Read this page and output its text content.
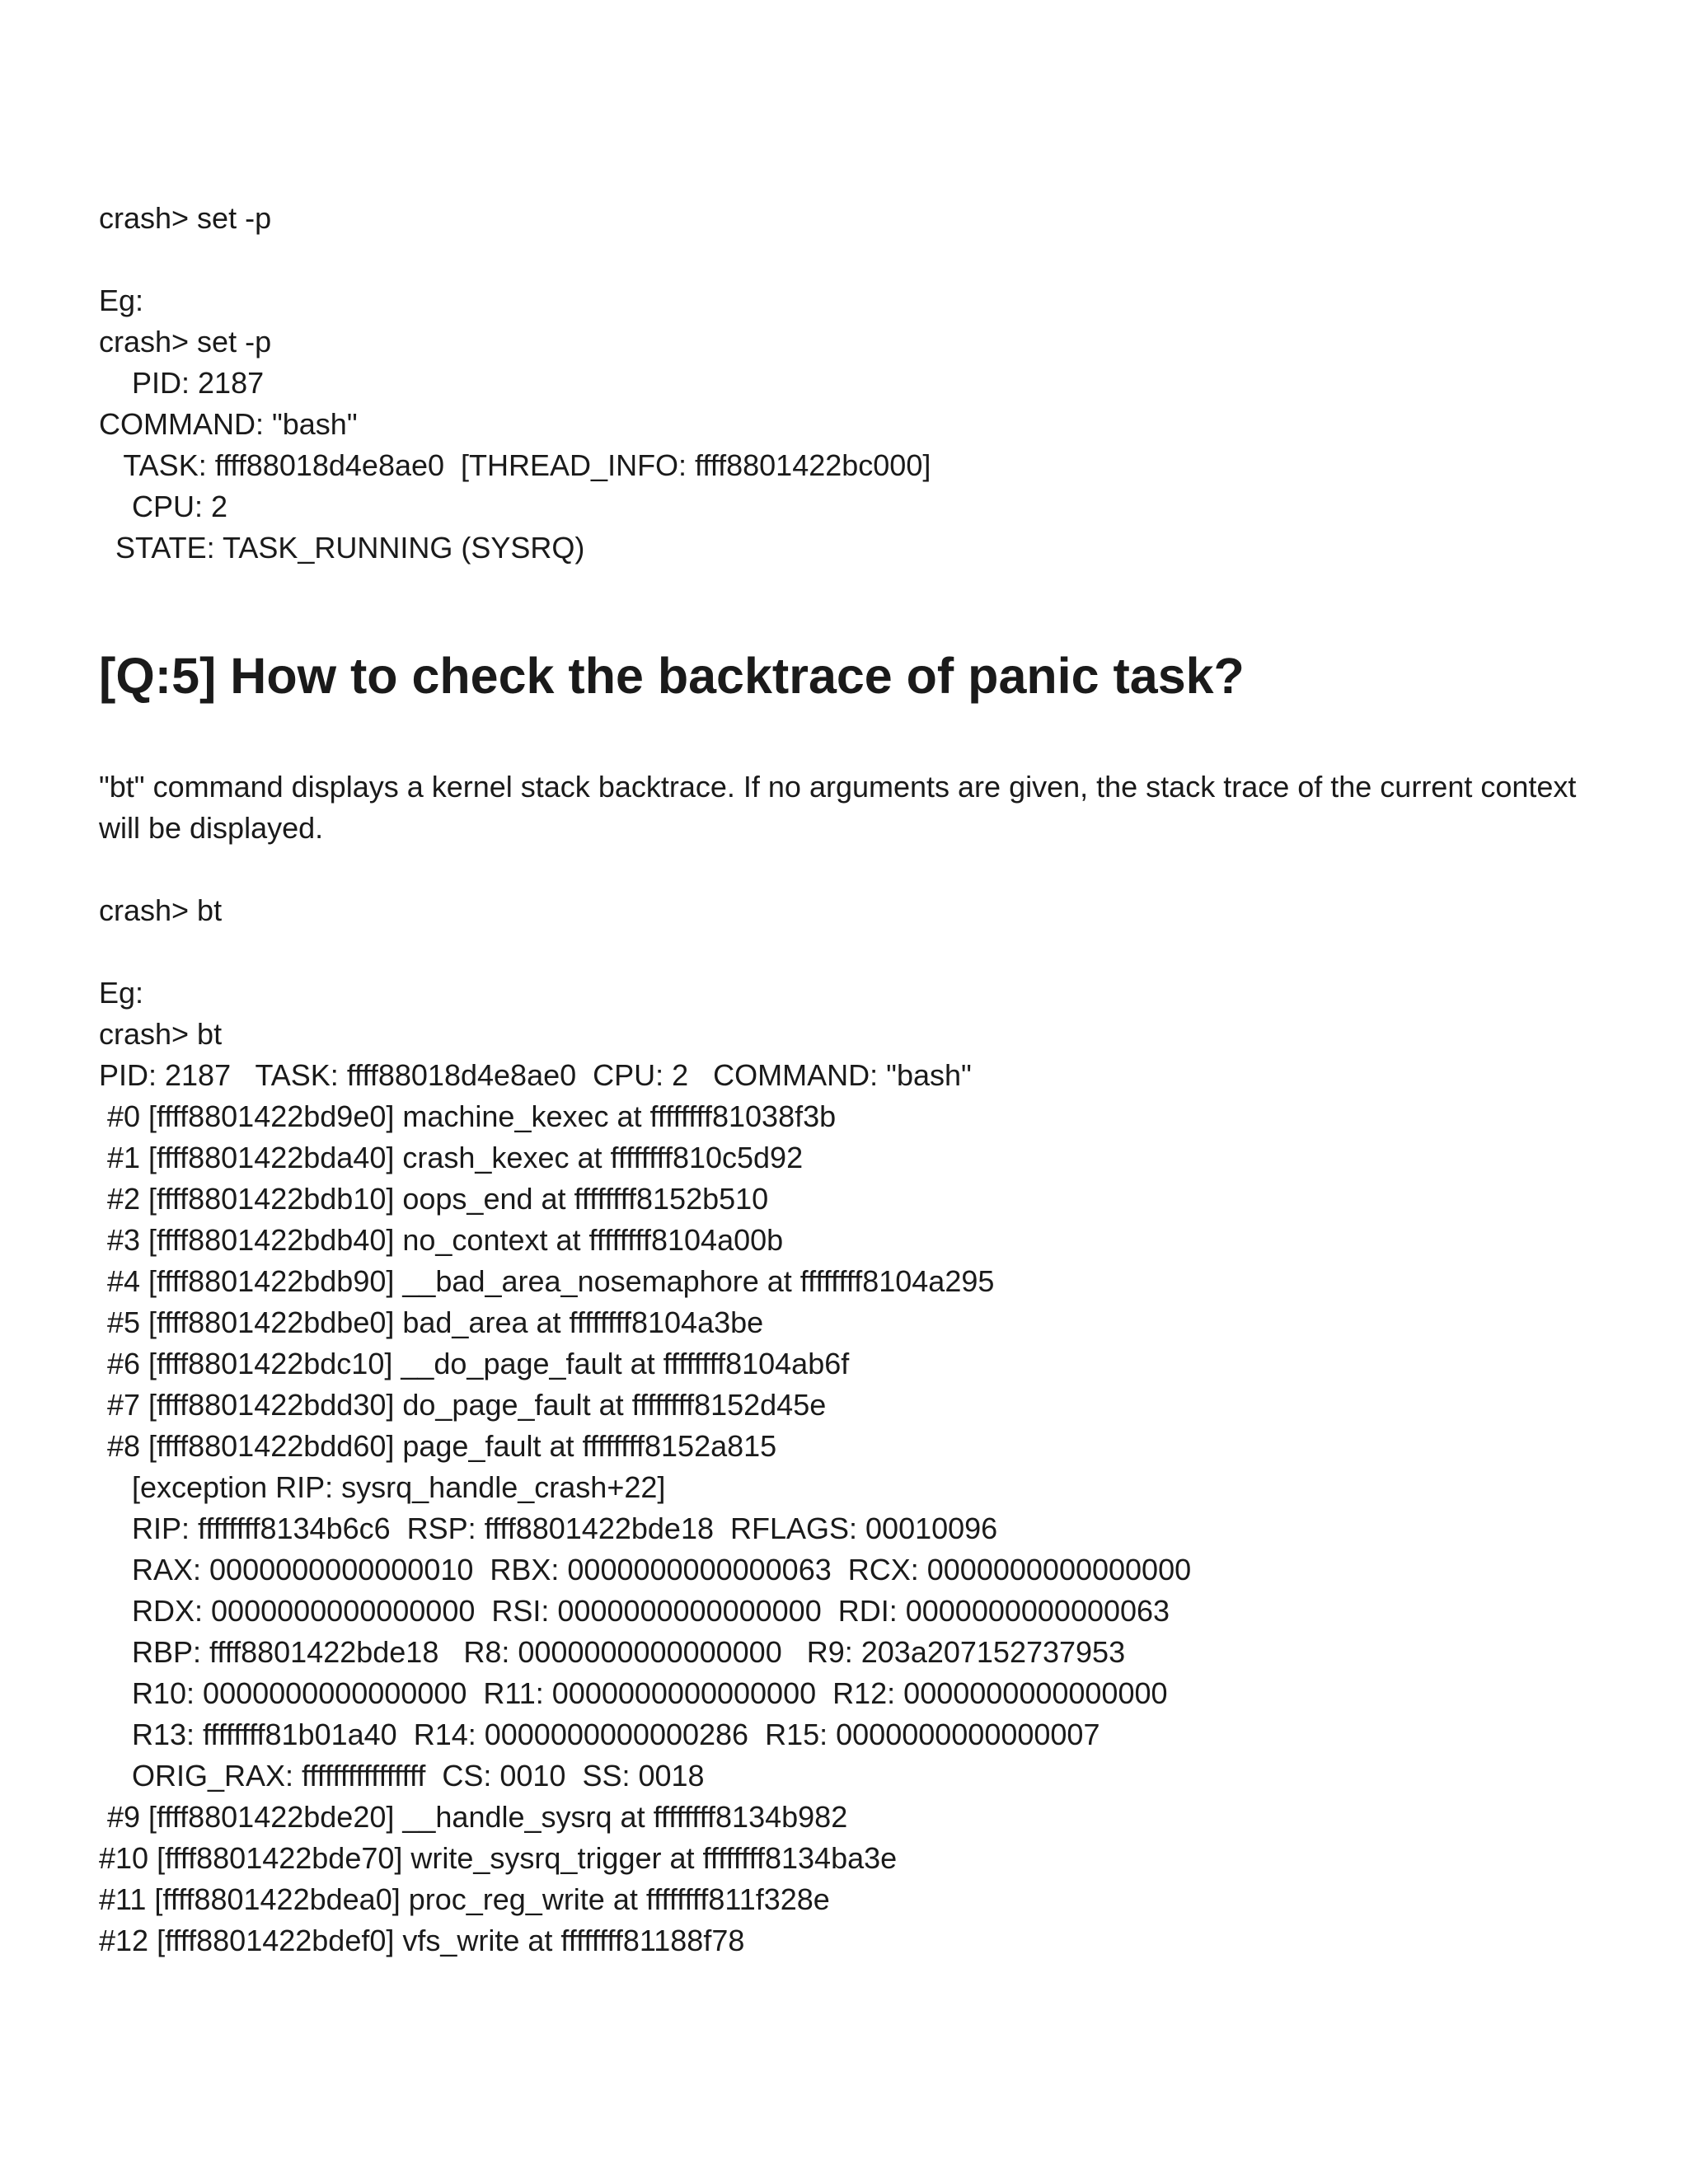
crash> set -p
Eg:
crash> set -p
PID: 2187
COMMAND: "bash"
TASK: ffff88018d4e8ae0  [THREAD_INFO: ffff8801422bc000]
CPU: 2
STATE: TASK_RUNNING (SYSRQ)
[Q:5] How to check the backtrace of panic task?

"bt" command displays a kernel stack backtrace. If no arguments are given, the stack trace of the current context will be displayed.

crash> bt
Eg:
crash> bt
PID: 2187   TASK: ffff88018d4e8ae0  CPU: 2   COMMAND: "bash"
#0 [ffff8801422bd9e0] machine_kexec at ffffffff81038f3b
#1 [ffff8801422bda40] crash_kexec at ffffffff810c5d92
#2 [ffff8801422bdb10] oops_end at ffffffff8152b510
#3 [ffff8801422bdb40] no_context at ffffffff8104a00b
#4 [ffff8801422bdb90] __bad_area_nosemaphore at ffffffff8104a295
#5 [ffff8801422bdbe0] bad_area at ffffffff8104a3be
#6 [ffff8801422bdc10] __do_page_fault at ffffffff8104ab6f
#7 [ffff8801422bdd30] do_page_fault at ffffffff8152d45e
#8 [ffff8801422bdd60] page_fault at ffffffff8152a815
[exception RIP: sysrq_handle_crash+22]
RIP: ffffffff8134b6c6  RSP: ffff8801422bde18  RFLAGS: 00010096
RAX: 0000000000000010  RBX: 0000000000000063  RCX: 0000000000000000
RDX: 0000000000000000  RSI: 0000000000000000  RDI: 0000000000000063
RBP: ffff8801422bde18   R8: 0000000000000000   R9: 203a207152737953
R10: 0000000000000000  R11: 0000000000000000  R12: 0000000000000000
R13: ffffffff81b01a40  R14: 0000000000000286  R15: 0000000000000007
ORIG_RAX: ffffffffffffffff  CS: 0010  SS: 0018
#9 [ffff8801422bde20] __handle_sysrq at ffffffff8134b982
#10 [ffff8801422bde70] write_sysrq_trigger at ffffffff8134ba3e
#11 [ffff8801422bdea0] proc_reg_write at ffffffff811f328e
#12 [ffff8801422bdef0] vfs_write at ffffffff81188f78
